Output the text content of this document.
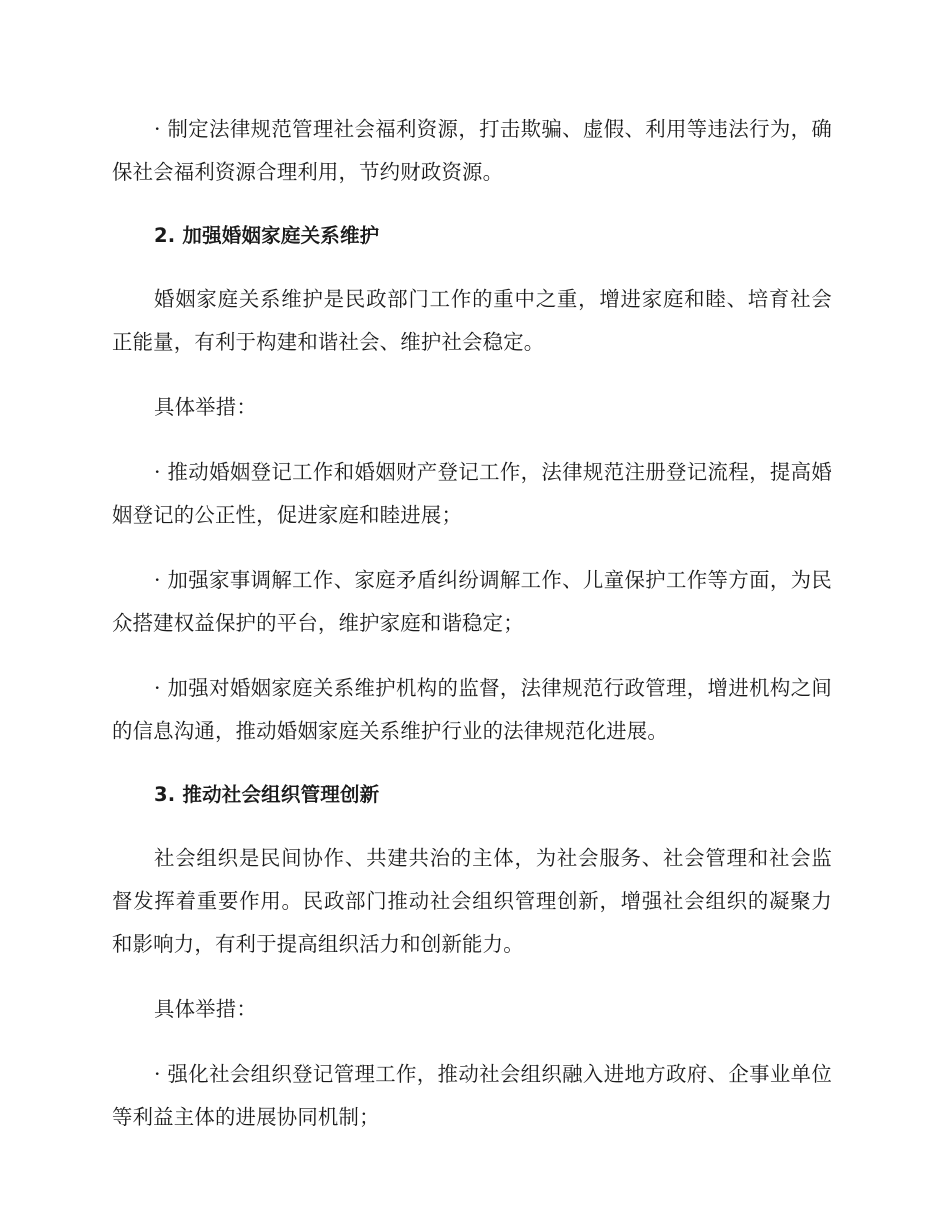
· 制定法律规范管理社会福利资源，打击欺骗、虚假、利用等违法行为，确保社会福利资源合理利用，节约财政资源。

2. 加强婚姻家庭关系维护

婚姻家庭关系维护是民政部门工作的重中之重，增进家庭和睦、培育社会正能量，有利于构建和谐社会、维护社会稳定。

具体举措：

· 推动婚姻登记工作和婚姻财产登记工作，法律规范注册登记流程，提高婚姻登记的公正性，促进家庭和睦进展；

· 加强家事调解工作、家庭矛盾纠纷调解工作、儿童保护工作等方面，为民众搭建权益保护的平台，维护家庭和谐稳定；

· 加强对婚姻家庭关系维护机构的监督，法律规范行政管理，增进机构之间的信息沟通，推动婚姻家庭关系维护行业的法律规范化进展。

3. 推动社会组织管理创新

社会组织是民间协作、共建共治的主体，为社会服务、社会管理和社会监督发挥着重要作用。民政部门推动社会组织管理创新，增强社会组织的凝聚力和影响力，有利于提高组织活力和创新能力。

具体举措：

· 强化社会组织登记管理工作，推动社会组织融入进地方政府、企事业单位等利益主体的进展协同机制；
